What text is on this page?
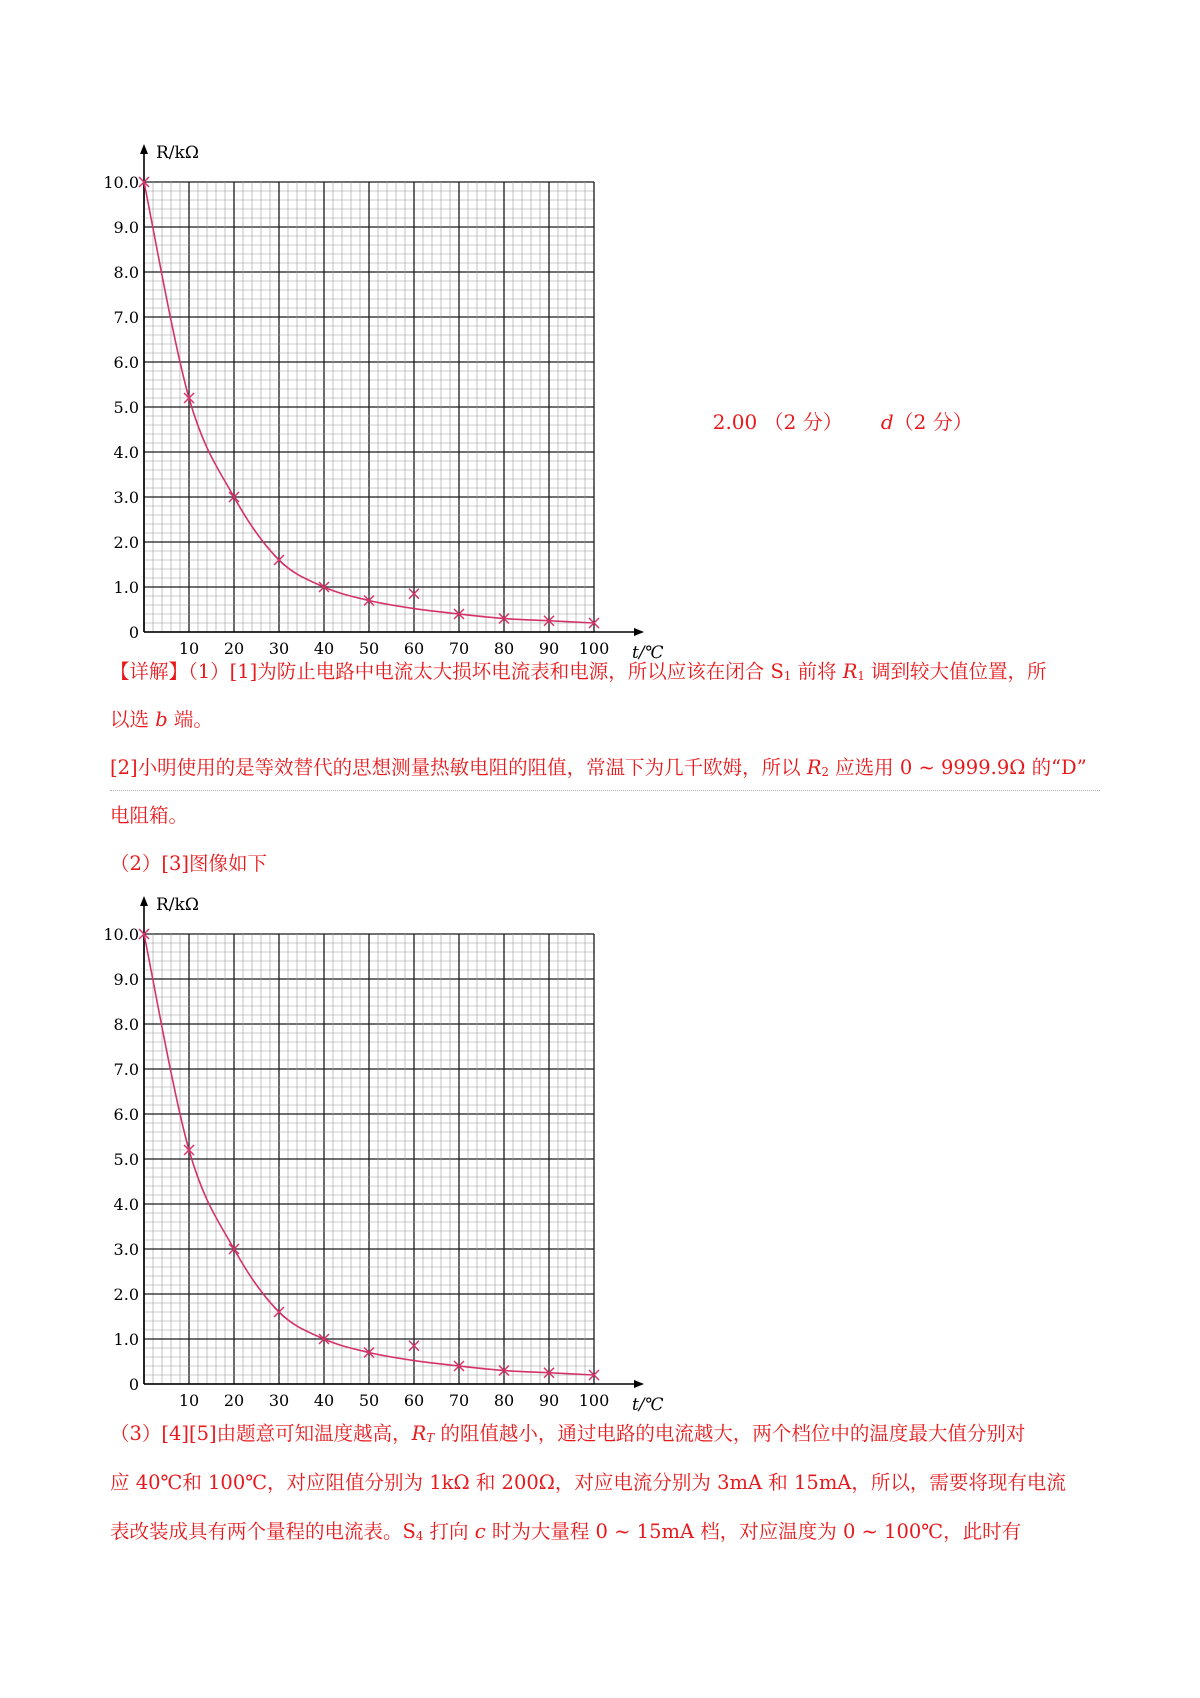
R/kΩ
t/℃
0
1.0
2.0
3.0
4.0
5.0
6.0
7.0
8.0
9.0
10.0
10 20 30 40 50 60 70 80 90 100

2.00 （2 分） d（2 分）

【详解】（1）[1]为防止电路中电流太大损坏电流表和电源，所以应该在闭合 $S_1$ 前将 $R_1$ 调到较大值位置，所

以选 b 端。

[2]小明使用的是等效替代的思想测量热敏电阻的阻值，常温下为几千欧姆，所以 $R_2$ 应选用 0 ~ 9999.9Ω 的“D”

电阻箱。

（2）[3]图像如下

R/kΩ
t/℃
0
1.0
2.0
3.0
4.0
5.0
6.0
7.0
8.0
9.0
10.0
10 20 30 40 50 60 70 80 90 100

（3）[4][5]由题意可知温度越高，$R_T$ 的阻值越小，通过电路的电流越大，两个档位中的温度最大值分别对

应 40℃和 100℃，对应阻值分别为 1kΩ 和 200Ω，对应电流分别为 3mA 和 15mA，所以，需要将现有电流

表改装成具有两个量程的电流表。$S_4$ 打向 c 时为大量程 0 ~ 15mA 档，对应温度为 0 ~ 100℃，此时有
